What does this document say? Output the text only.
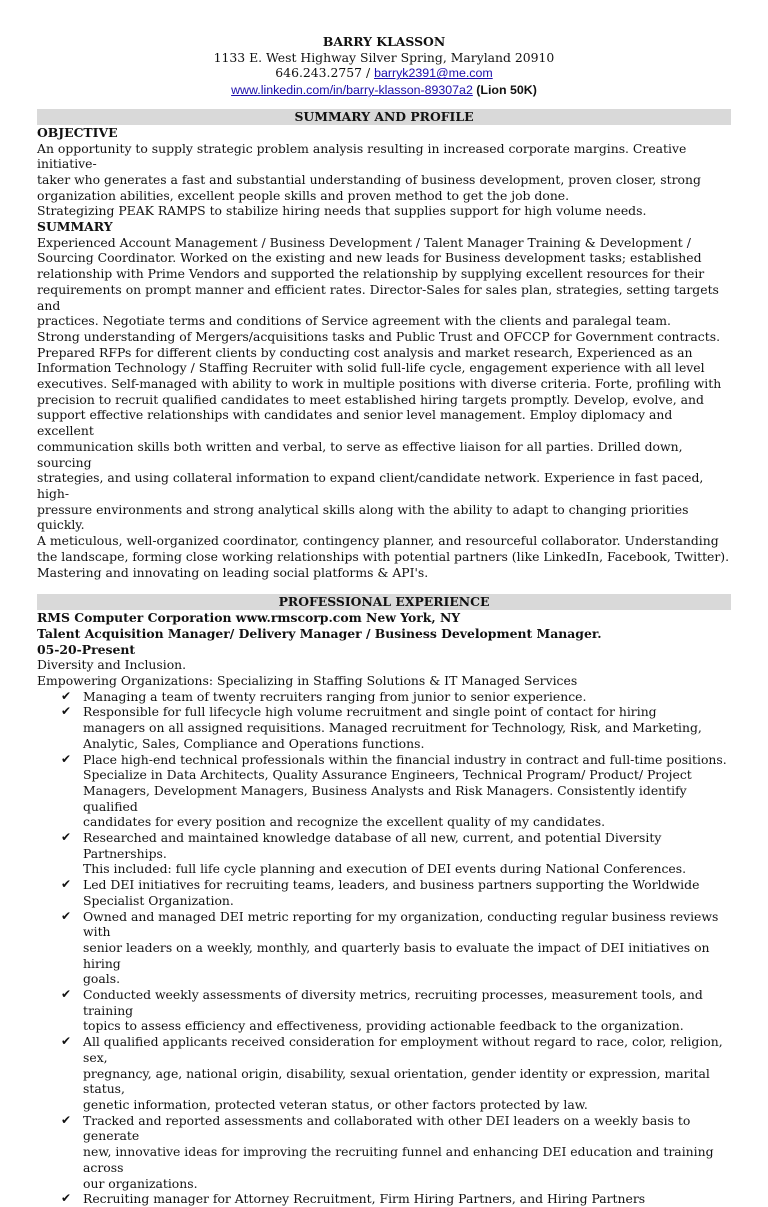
BARRY KLASSON
1133 E. West Highway Silver Spring, Maryland 20910
646.243.2757 / barryk2391@me.com
www.linkedin.com/in/barry-klasson-89307a2 (Lion 50K)
SUMMARY AND PROFILE
OBJECTIVE
An opportunity to supply strategic problem analysis resulting in increased corporate margins. Creative initiative-
taker who generates a fast and substantial understanding of business development, proven closer, strong
organization abilities, excellent people skills and proven method to get the job done.
Strategizing PEAK RAMPS to stabilize hiring needs that supplies support for high volume needs.
SUMMARY
Experienced Account Management / Business Development / Talent Manager Training & Development /
Sourcing Coordinator. Worked on the existing and new leads for Business development tasks; established
relationship with Prime Vendors and supported the relationship by supplying excellent resources for their
requirements on prompt manner and efficient rates. Director-Sales for sales plan, strategies, setting targets and
practices. Negotiate terms and conditions of Service agreement with the clients and paralegal team.
Strong understanding of Mergers/acquisitions tasks and Public Trust and OFCCP for Government contracts.
Prepared RFPs for different clients by conducting cost analysis and market research, Experienced as an
Information Technology / Staffing Recruiter with solid full-life cycle, engagement experience with all level
executives. Self-managed with ability to work in multiple positions with diverse criteria. Forte, profiling with
precision to recruit qualified candidates to meet established hiring targets promptly. Develop, evolve, and
support effective relationships with candidates and senior level management. Employ diplomacy and excellent
communication skills both written and verbal, to serve as effective liaison for all parties. Drilled down, sourcing
strategies, and using collateral information to expand client/candidate network. Experience in fast paced, high-
pressure environments and strong analytical skills along with the ability to adapt to changing priorities quickly.
A meticulous, well-organized coordinator, contingency planner, and resourceful collaborator. Understanding
the landscape, forming close working relationships with potential partners (like LinkedIn, Facebook, Twitter).
Mastering and innovating on leading social platforms & API's.
PROFESSIONAL EXPERIENCE
RMS Computer Corporation www.rmscorp.com New York, NY
Talent Acquisition Manager/ Delivery Manager / Business Development Manager.
05-20-Present
Diversity and Inclusion.
Empowering Organizations: Specializing in Staffing Solutions & IT Managed Services
✔ Managing a team of twenty recruiters ranging from junior to senior experience.
✔ Responsible for full lifecycle high volume recruitment and single point of contact for hiring
managers on all assigned requisitions. Managed recruitment for Technology, Risk, and Marketing,
Analytic, Sales, Compliance and Operations functions.
✔ Place high-end technical professionals within the financial industry in contract and full-time positions.
Specialize in Data Architects, Quality Assurance Engineers, Technical Program/ Product/ Project
Managers, Development Managers, Business Analysts and Risk Managers. Consistently identify qualified
candidates for every position and recognize the excellent quality of my candidates.
✔ Researched and maintained knowledge database of all new, current, and potential Diversity Partnerships.
This included: full life cycle planning and execution of DEI events during National Conferences.
✔ Led DEI initiatives for recruiting teams, leaders, and business partners supporting the Worldwide
Specialist Organization.
✔ Owned and managed DEI metric reporting for my organization, conducting regular business reviews with
senior leaders on a weekly, monthly, and quarterly basis to evaluate the impact of DEI initiatives on hiring
goals.
✔ Conducted weekly assessments of diversity metrics, recruiting processes, measurement tools, and training
topics to assess efficiency and effectiveness, providing actionable feedback to the organization.
✔ All qualified applicants received consideration for employment without regard to race, color, religion, sex,
pregnancy, age, national origin, disability, sexual orientation, gender identity or expression, marital status,
genetic information, protected veteran status, or other factors protected by law.
✔ Tracked and reported assessments and collaborated with other DEI leaders on a weekly basis to generate
new, innovative ideas for improving the recruiting funnel and enhancing DEI education and training across
our organizations.
✔ Recruiting manager for Attorney Recruitment, Firm Hiring Partners, and Hiring Partners
